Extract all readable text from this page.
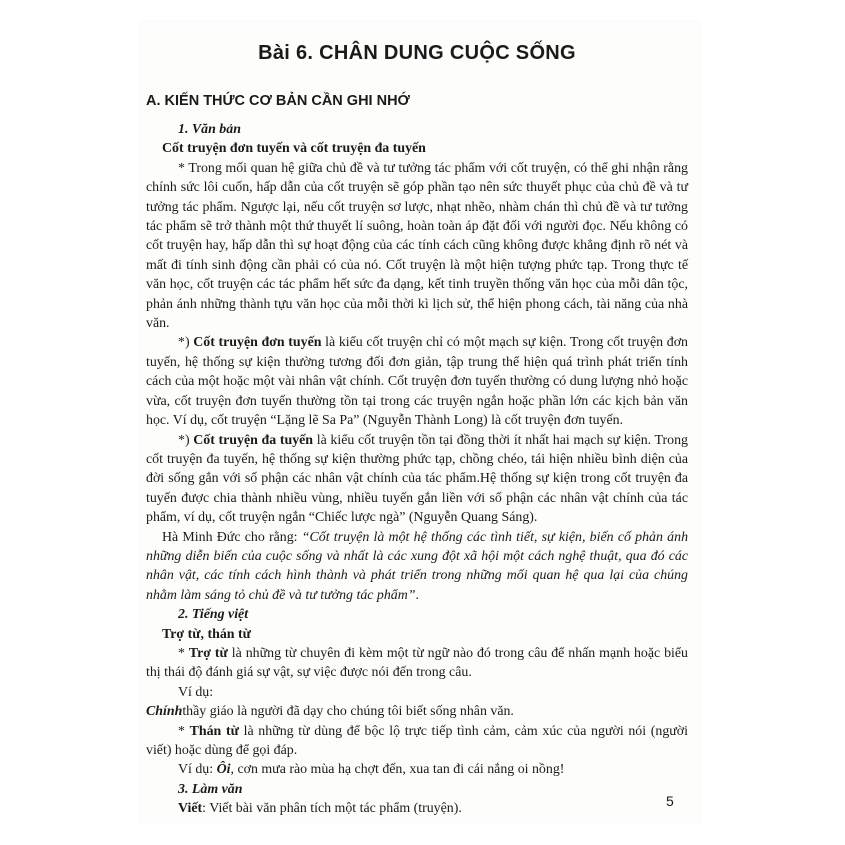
Bài 6. CHÂN DUNG CUỘC SỐNG
A. KIẾN THỨC CƠ BẢN CẦN GHI NHỚ

1. Văn bản

Cốt truyện đơn tuyến và cốt truyện đa tuyến

* Trong mối quan hệ giữa chủ đề và tư tưởng tác phẩm với cốt truyện, có thể ghi nhận rằng chính sức lôi cuốn, hấp dẫn của cốt truyện sẽ góp phần tạo nên sức thuyết phục của chủ đề và tư tưởng tác phẩm. Ngược lại, nếu cốt truyện sơ lược, nhạt nhẽo, nhàm chán thì chủ đề và tư tưởng tác phẩm sẽ trở thành một thứ thuyết lí suông, hoàn toàn áp đặt đối với người đọc. Nếu không có cốt truyện hay, hấp dẫn thì sự hoạt động của các tính cách cũng không được khẳng định rõ nét và mất đi tính sinh động cần phải có của nó. Cốt truyện là một hiện tượng phức tạp. Trong thực tế văn học, cốt truyện các tác phẩm hết sức đa dạng, kết tinh truyền thống văn học của mỗi dân tộc, phản ánh những thành tựu văn học của mỗi thời kì lịch sử, thể hiện phong cách, tài năng của nhà văn.

*) Cốt truyện đơn tuyến là kiểu cốt truyện chỉ có một mạch sự kiện. Trong cốt truyện đơn tuyến, hệ thống sự kiện thường tương đối đơn giản, tập trung thể hiện quá trình phát triển tính cách của một hoặc một vài nhân vật chính. Cốt truyện đơn tuyến thường có dung lượng nhỏ hoặc vừa, cốt truyện đơn tuyến thường tồn tại trong các truyện ngắn hoặc phần lớn các kịch bản văn học. Ví dụ, cốt truyện “Lặng lẽ Sa Pa” (Nguyễn Thành Long) là cốt truyện đơn tuyến.

*) Cốt truyện đa tuyến là kiểu cốt truyện tồn tại đồng thời ít nhất hai mạch sự kiện. Trong cốt truyện đa tuyến, hệ thống sự kiện thường phức tạp, chồng chéo, tái hiện nhiều bình diện của đời sống gắn với số phận các nhân vật chính của tác phẩm.Hệ thống sự kiện trong cốt truyện đa tuyến được chia thành nhiều vùng, nhiều tuyến gắn liền với số phận các nhân vật chính của tác phẩm, ví dụ, cốt truyện ngắn “Chiếc lược ngà” (Nguyễn Quang Sáng).

Hà Minh Đức cho rằng: “Cốt truyện là một hệ thống các tình tiết, sự kiện, biến cố phản ánh những diễn biến của cuộc sống và nhất là các xung đột xã hội một cách nghệ thuật, qua đó các nhân vật, các tính cách hình thành và phát triển trong những mối quan hệ qua lại của chúng nhằm làm sáng tỏ chủ đề và tư tưởng tác phẩm”.

2. Tiếng việt

Trợ từ, thán từ

* Trợ từ là những từ chuyên đi kèm một từ ngữ nào đó trong câu để nhấn mạnh hoặc biểu thị thái độ đánh giá sự vật, sự việc được nói đến trong câu.

Ví dụ:

Chínhthầy giáo là người đã dạy cho chúng tôi biết sống nhân văn.

* Thán từ là những từ dùng để bộc lộ trực tiếp tình cảm, cảm xúc của người nói (người viết) hoặc dùng để gọi đáp.

Ví dụ: Ôi, cơn mưa rào mùa hạ chợt đến, xua tan đi cái nắng oi nồng!

3. Làm văn

Viết: Viết bài văn phân tích một tác phẩm (truyện).	5
